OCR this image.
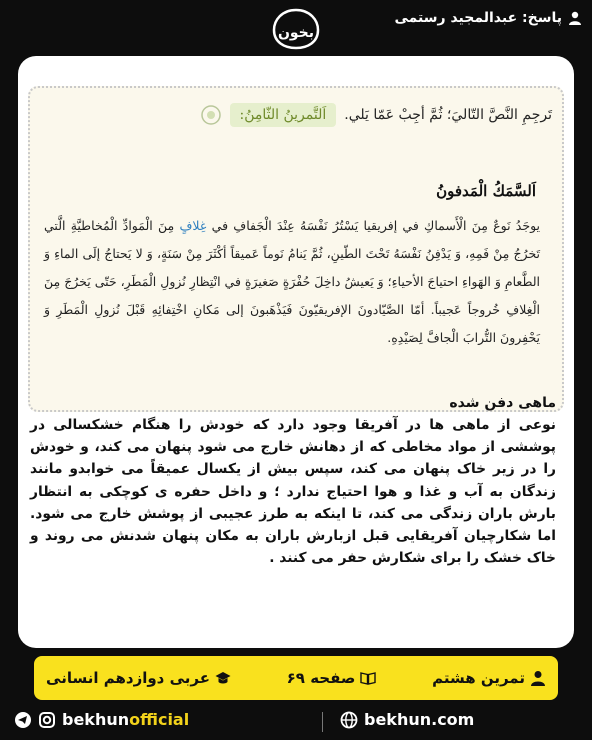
پاسخ: عبدالمجید رستمی
بخون
اَلتَّمرینُ الثّامِنُ:	تَرجِمِ النَّصَّ التّاليَ؛ ثُمَّ أجِبْ عَمّا يَلي.
اَلسَّمَكُ الْمَدفونُ
يوجَدُ نَوعٌ مِنَ الْأَسماكِ في إفريقيا يَسْتُرُ نَفْسَهُ عِنْدَ الْجَفافِ في غِلافٍ مِنَ الْمَوادِّ الْمُخاطيَّةِ الَّتي تَخرُجُ مِنْ فَمِهِ، وَ يَدْفِنُ نَفْسَهُ تَحْتَ الطّينِ، ثُمَّ يَنامُ نَوماً عَميقاً أكْثَرَ مِنْ سَنَةٍ، وَ لا يَحتاجُ إلَى الماءِ وَ الطَّعامِ وَ الهَواءِ احتياجَ الأحياءِ؛ وَ يَعيشُ داخِلَ حُفْرَةٍ صَغيرَةٍ في انْتِظارِ نُزولِ الْمَطَرِ، حَتّى يَخرُجَ مِنَ الْغِلافِ خُروجاً عَجيباً. أمّا الصَّيّادونَ الإفريقيّونَ فَيَذْهَبونَ إلى مَكانِ اخْتِفائِهِ قَبْلَ نُزولِ الْمَطَرِ وَ يَحْفِرونَ التُّرابَ الْجافَّ لِصَيْدِهِ.
ماهی دفن شده
نوعی از ماهی ها در آفریقا وجود دارد که خودش را هنگام خشکسالی در پوششی از مواد مخاطی که از دهانش خارج می شود پنهان می کند، و خودش را در زیر خاک پنهان می کند، سپس بیش از یکسال عمیقاً می خوابدو مانند زندگان به آب و غذا و هوا احتیاج ندارد ؛ و داخل حفره ی کوچکی به انتظار بارش باران زندگی می کند، تا اینکه به طرز عجیبی از پوشش خارج می شود. اما شکارچیان آفریقایی قبل ازبارش باران به مکان پنهان شدنش می روند و خاک خشک را برای شکارش حفر می کنند .
تمرین هشتم
صفحه ۶۹
عربی دوازدهم انسانی
bekhunofficial	bekhun.com
